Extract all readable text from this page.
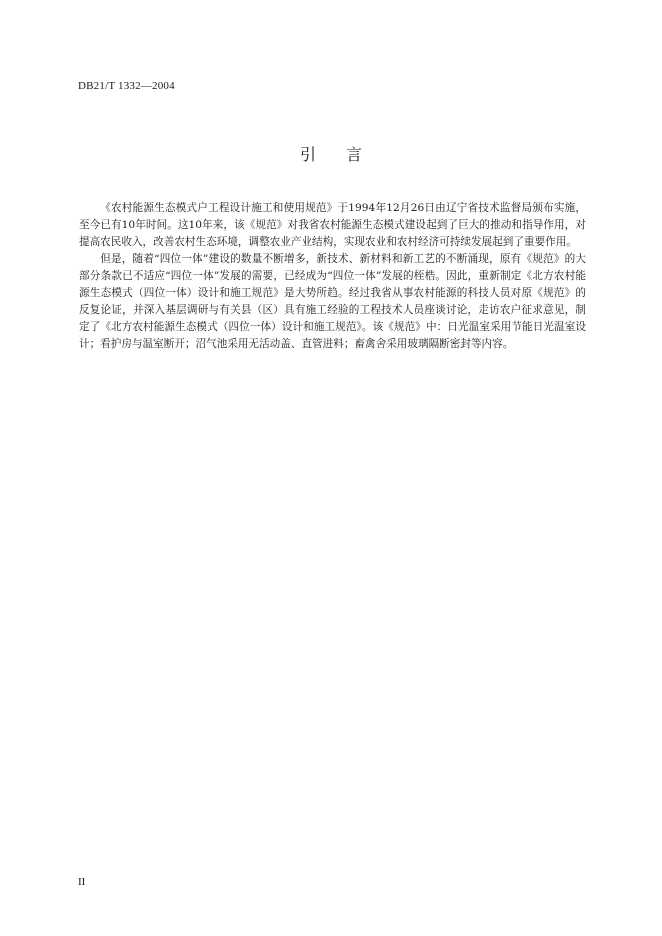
DB21/T 1332—2004
引言

《农村能源生态模式户工程设计施工和使用规范》于1994年12月26日由辽宁省技术监督局颁布实施，至今已有10年时间。这10年来，该《规范》对我省农村能源生态模式建设起到了巨大的推动和指导作用，对提高农民收入，改善农村生态环境，调整农业产业结构，实现农业和农村经济可持续发展起到了重要作用。

但是，随着“四位一体”建设的数量不断增多，新技术、新材料和新工艺的不断涌现，原有《规范》的大部分条款已不适应“四位一体”发展的需要，已经成为“四位一体”发展的桎梏。因此，重新制定《北方农村能源生态模式（四位一体）设计和施工规范》是大势所趋。经过我省从事农村能源的科技人员对原《规范》的反复论证，并深入基层调研与有关县（区）具有施工经验的工程技术人员座谈讨论，走访农户征求意见，制定了《北方农村能源生态模式（四位一体）设计和施工规范》。该《规范》中：日光温室采用节能日光温室设计；看护房与温室断开；沼气池采用无活动盖、直管进料；畜禽舍采用玻璃隔断密封等内容。

II
